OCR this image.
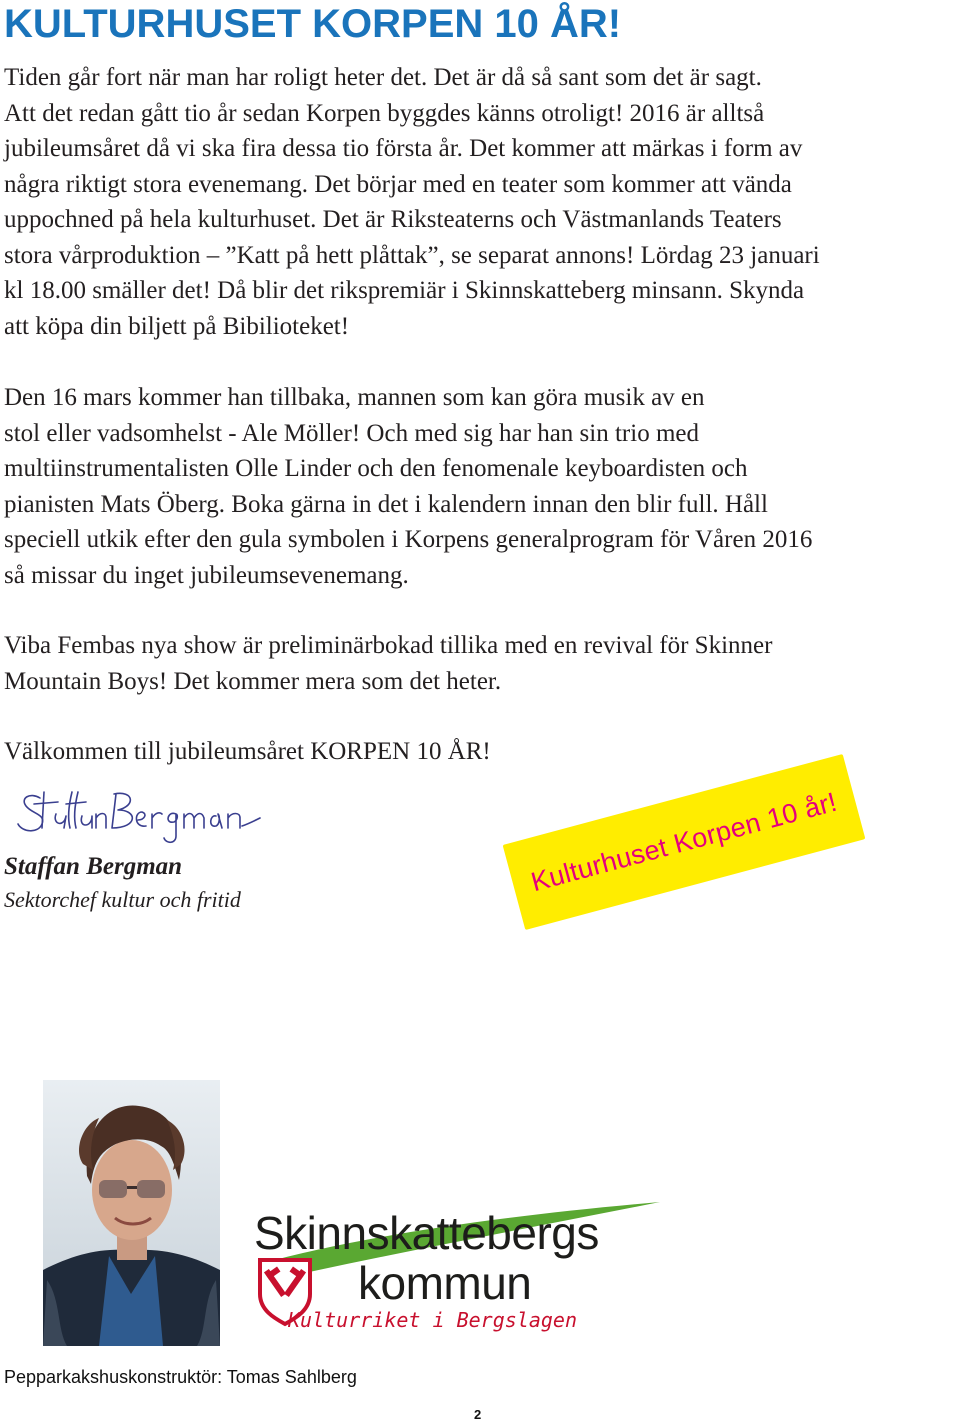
KULTURHUSET KORPEN 10 ÅR!
Tiden går fort när man har roligt heter det. Det är då så sant som det är sagt.
Att det redan gått tio år sedan Korpen byggdes känns otroligt! 2016 är alltså
jubileumsåret då vi ska fira dessa tio första år. Det kommer att märkas i form av
några riktigt stora evenemang. Det börjar med en teater som kommer att vända
uppochned på hela kulturhuset. Det är Riksteaterns och Västmanlands Teaters
stora vårproduktion – ”Katt på hett plåttak”, se separat annons! Lördag 23 januari
kl 18.00 smäller det! Då blir det rikspremiär i Skinnskatteberg minsann. Skynda
att köpa din biljett på Bibilioteket!
Den 16 mars kommer han tillbaka, mannen som kan göra musik av en
stol eller vadsomhelst - Ale Möller! Och med sig har han sin trio med
multiinstrumentalisten Olle Linder och den fenomenale keyboardisten och
pianisten Mats Öberg. Boka gärna in det i kalendern innan den blir full. Håll
speciell utkik efter den gula symbolen i Korpens generalprogram för Våren 2016
så missar du inget jubileumsevenemang.
Viba Fembas nya show är preliminärbokad tillika med en revival för Skinner
Mountain Boys! Det kommer mera som det heter.
Välkommen till jubileumsåret KORPEN 10 ÅR!

Staffan Bergman

Sektorchef kultur och fritid

Kulturhuset Korpen 10 år!
Skinnskattebergs
kommun
Kulturriket i Bergslagen

Pepparkakshuskonstruktör: Tomas Sahlberg

2
